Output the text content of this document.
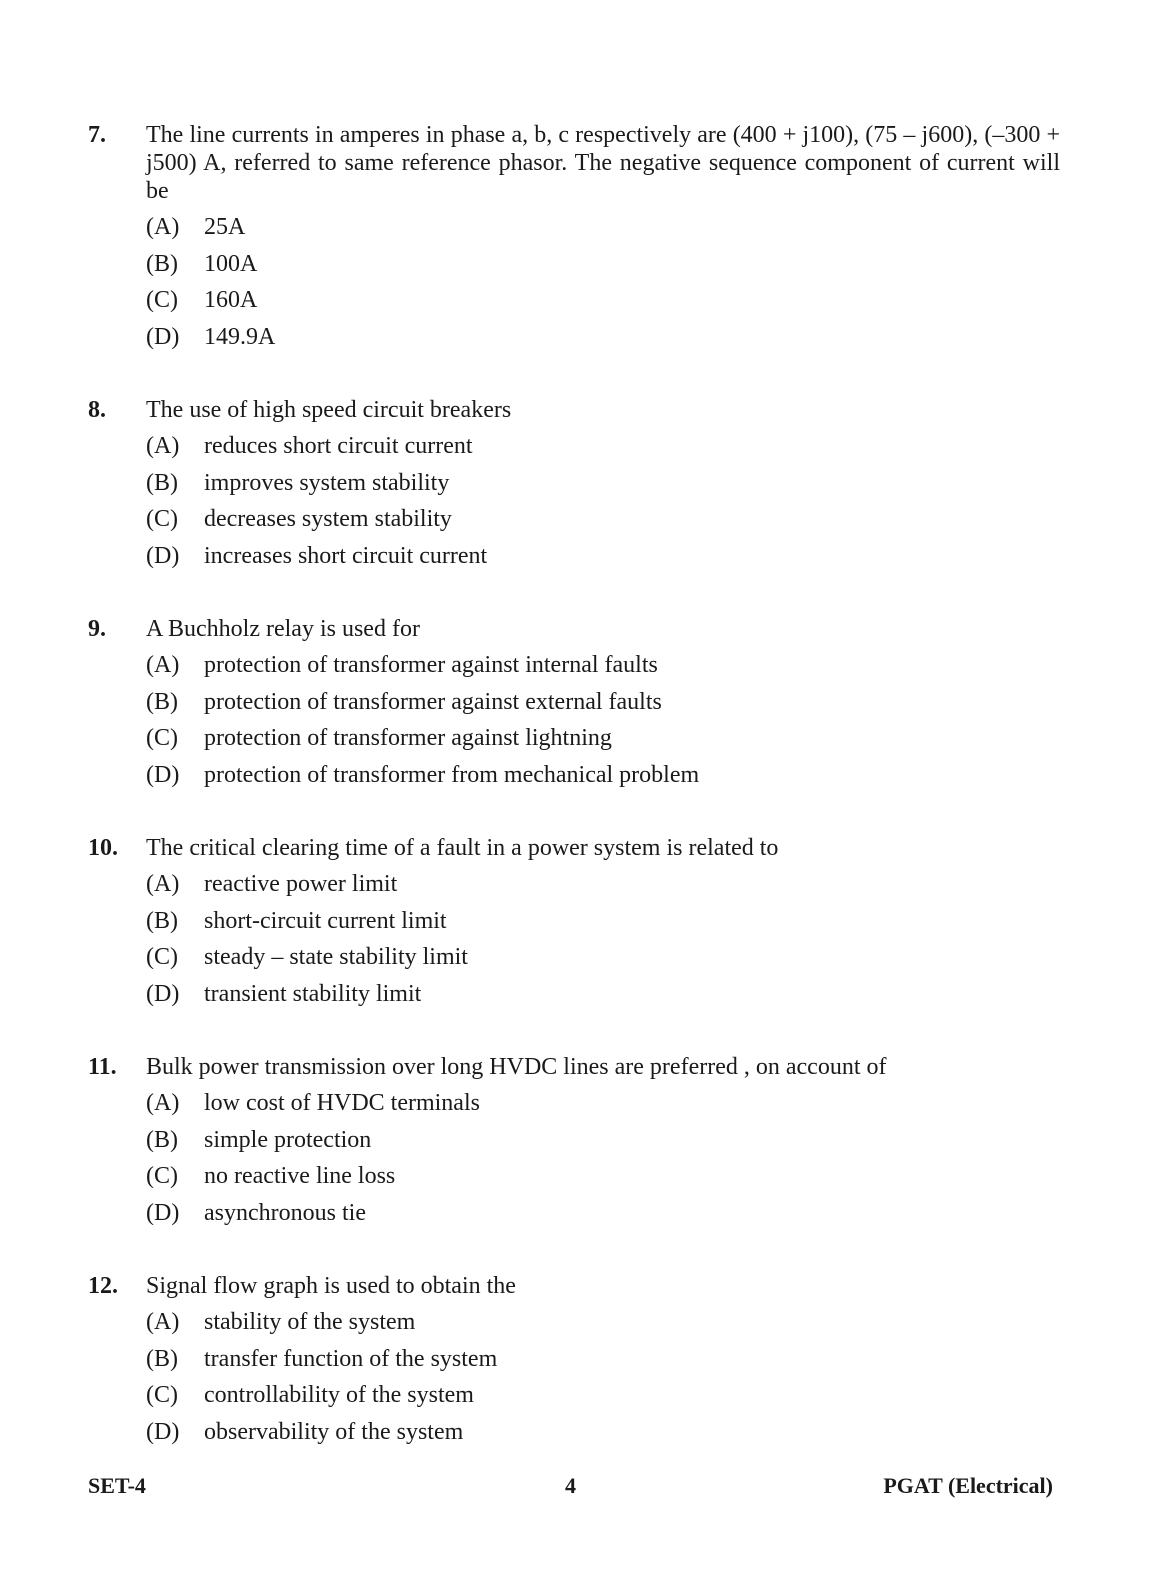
7. The line currents in amperes in phase a, b, c respectively are (400 + j100), (75 – j600), (–300 + j500) A, referred to same reference phasor. The negative sequence component of current will be
(A) 25A
(B) 100A
(C) 160A
(D) 149.9A
8. The use of high speed circuit breakers
(A) reduces short circuit current
(B) improves system stability
(C) decreases system stability
(D) increases short circuit current
9. A Buchholz relay is used for
(A) protection of transformer against internal faults
(B) protection of transformer against external faults
(C) protection of transformer against lightning
(D) protection of transformer from mechanical problem
10. The critical clearing time of a fault in a power system is related to
(A) reactive power limit
(B) short-circuit current limit
(C) steady – state stability limit
(D) transient stability limit
11. Bulk power transmission over long HVDC lines are preferred , on account of
(A) low cost of HVDC terminals
(B) simple protection
(C) no reactive line loss
(D) asynchronous tie
12. Signal flow graph is used to obtain the
(A) stability of the system
(B) transfer function of the system
(C) controllability of the system
(D) observability of the system
4
SET-4	PGAT (Electrical)
